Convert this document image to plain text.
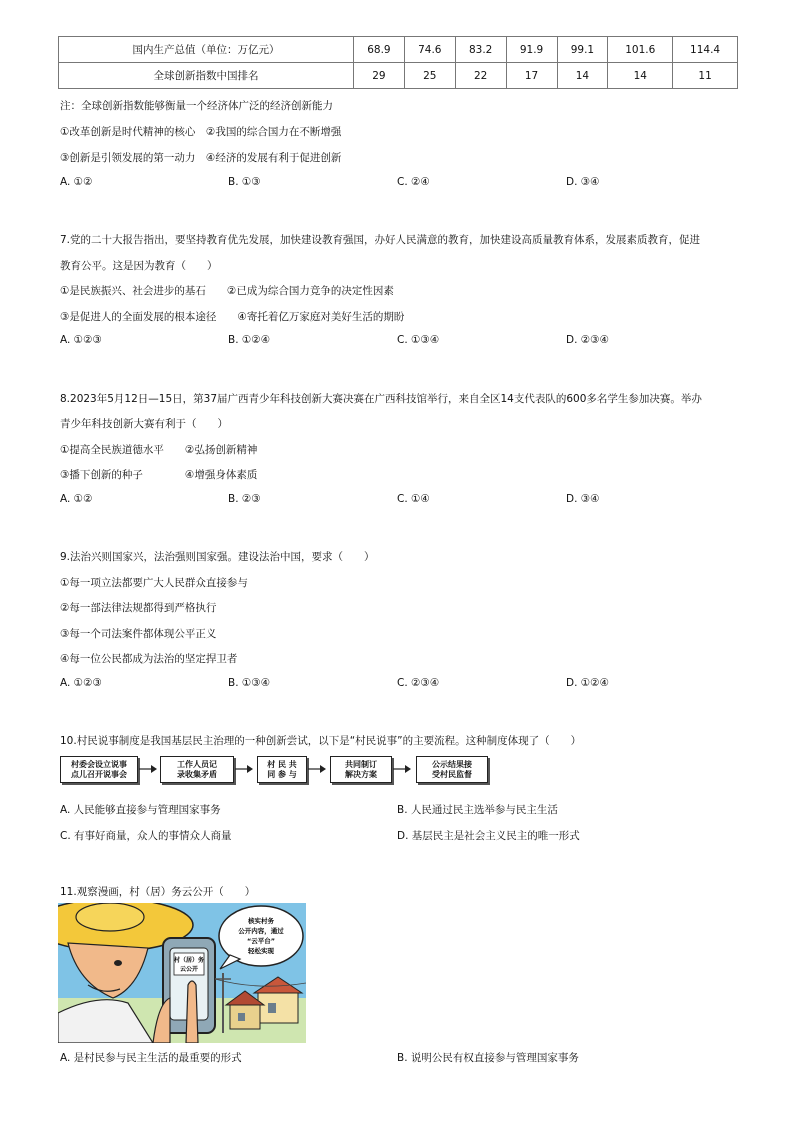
国内生产总值（单位：万亿元）	68.9	74.6	83.2	91.9	99.1	101.6	114.4
全球创新指数中国排名	29	25	22	17	14	14	11
注：全球创新指数能够衡量一个经济体广泛的经济创新能力
①改革创新是时代精神的核心　②我国的综合国力在不断增强
③创新是引领发展的第一动力　④经济的发展有利于促进创新
A. ①②	B. ①③	C. ②④	D. ③④
7.党的二十大报告指出，要坚持教育优先发展，加快建设教育强国，办好人民满意的教育，加快建设高质量教育体系，发展素质教育，促进
教育公平。这是因为教育（　　）
①是民族振兴、社会进步的基石　　②已成为综合国力竞争的决定性因素
③是促进人的全面发展的根本途径　　④寄托着亿万家庭对美好生活的期盼
A. ①②③	B. ①②④	C. ①③④	D. ②③④
8.2023年5月12日—15日，第37届广西青少年科技创新大赛决赛在广西科技馆举行，来自全区14支代表队的600多名学生参加决赛。举办
青少年科技创新大赛有利于（　　）
①提高全民族道德水平　　②弘扬创新精神
③播下创新的种子　　　　④增强身体素质
A. ①②	B. ②③	C. ①④	D. ③④
9.法治兴则国家兴，法治强则国家强。建设法治中国，要求（　　）
①每一项立法都要广大人民群众直接参与
②每一部法律法规都得到严格执行
③每一个司法案件都体现公平正义
④每一位公民都成为法治的坚定捍卫者
A. ①②③	B. ①③④	C. ②③④	D. ①②④
10.村民说事制度是我国基层民主治理的一种创新尝试，以下是“村民说事”的主要流程。这种制度体现了（　　）
村委会设立说事
点儿召开说事会
工作人员记
录收集矛盾
村 民 共
同 参 与
共同制订
解决方案
公示结果接
受村民监督
A. 人民能够直接参与管理国家事务	B. 人民通过民主选举参与民主生活
C. 有事好商量，众人的事情众人商量	D. 基层民主是社会主义民主的唯一形式
11.观察漫画，村（居）务云公开（　　）
村（居）务
云公开
核实村务
公开内容，通过
“云平台”
轻松实现
A. 是村民参与民主生活的最重要的形式	B. 说明公民有权直接参与管理国家事务
